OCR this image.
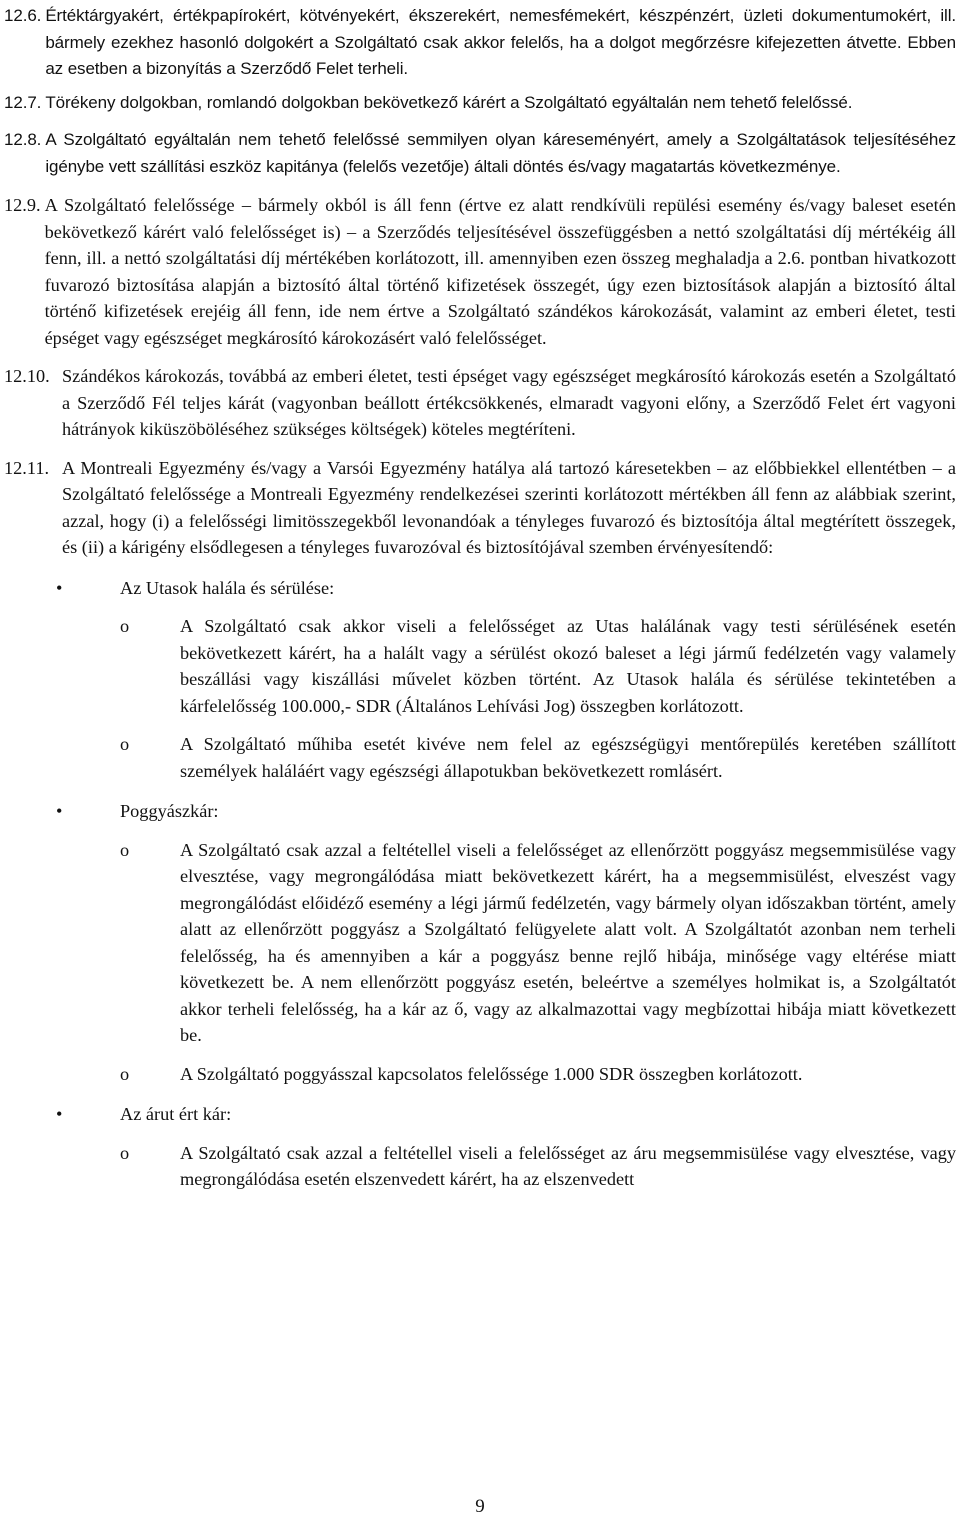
12.6. Értéktárgyakért, értékpapírokért, kötvényekért, ékszerekért, nemesfémekért, készpénzért, üzleti dokumentumokért, ill. bármely ezekhez hasonló dolgokért a Szolgáltató csak akkor felelős, ha a dolgot megőrzésre kifejezetten átvette. Ebben az esetben a bizonyítás a Szerződő Felet terheli.
12.7. Törékeny dolgokban, romlandó dolgokban bekövetkező kárért a Szolgáltató egyáltalán nem tehető felelőssé.
12.8. A Szolgáltató egyáltalán nem tehető felelőssé semmilyen olyan káreseményért, amely a Szolgáltatások teljesítéséhez igénybe vett szállítási eszköz kapitánya (felelős vezetője) általi döntés és/vagy magatartás következménye.
12.9. A Szolgáltató felelőssége – bármely okból is áll fenn (értve ez alatt rendkívüli repülési esemény és/vagy baleset esetén bekövetkező kárért való felelősséget is) – a Szerződés teljesítésével összefüggésben a nettó szolgáltatási díj mértékéig áll fenn, ill. a nettó szolgáltatási díj mértékében korlátozott, ill. amennyiben ezen összeg meghaladja a 2.6. pontban hivatkozott fuvarozó biztosítása alapján a biztosító által történő kifizetések összegét, úgy ezen biztosítások alapján a biztosító által történő kifizetések erejéig áll fenn, ide nem értve a Szolgáltató szándékos károkozását, valamint az emberi életet, testi épséget vagy egészséget megkárosító károkozásért való felelősséget.
12.10. Szándékos károkozás, továbbá az emberi életet, testi épséget vagy egészséget megkárosító károkozás esetén a Szolgáltató a Szerződő Fél teljes kárát (vagyonban beállott értékcsökkenés, elmaradt vagyoni előny, a Szerződő Felet ért vagyoni hátrányok kiküszöböléséhez szükséges költségek) köteles megtéríteni.
12.11. A Montreali Egyezmény és/vagy a Varsói Egyezmény hatálya alá tartozó káresetekben – az előbbiekkel ellentétben – a Szolgáltató felelőssége a Montreali Egyezmény rendelkezései szerinti korlátozott mértékben áll fenn az alábbiak szerint, azzal, hogy (i) a felelősségi limitösszegekből levonandóak a tényleges fuvarozó és biztosítója által megtérített összegek, és (ii) a kárigény elsődlegesen a tényleges fuvarozóval és biztosítójával szemben érvényesítendő:
•	Az Utasok halála és sérülése:
o	A Szolgáltató csak akkor viseli a felelősséget az Utas halálának vagy testi sérülésének esetén bekövetkezett kárért, ha a halált vagy a sérülést okozó baleset a légi jármű fedélzetén vagy valamely beszállási vagy kiszállási művelet közben történt. Az Utasok halála és sérülése tekintetében a kárfelelősség 100.000,- SDR (Általános Lehívási Jog) összegben korlátozott.
o	A Szolgáltató műhiba esetét kivéve nem felel az egészségügyi mentőrepülés keretében szállított személyek haláláért vagy egészségi állapotukban bekövetkezett romlásért.
•	Poggyászkár:
o	A Szolgáltató csak azzal a feltétellel viseli a felelősséget az ellenőrzött poggyász megsemmisülése vagy elvesztése, vagy megrongálódása miatt bekövetkezett kárért, ha a megsemmisülést, elveszést vagy megrongálódást előidéző esemény a légi jármű fedélzetén, vagy bármely olyan időszakban történt, amely alatt az ellenőrzött poggyász a Szolgáltató felügyelete alatt volt. A Szolgáltatót azonban nem terheli felelősség, ha és amennyiben a kár a poggyász benne rejlő hibája, minősége vagy eltérése miatt következett be. A nem ellenőrzött poggyász esetén, beleértve a személyes holmikat is, a Szolgáltatót akkor terheli felelősség, ha a kár az ő, vagy az alkalmazottai vagy megbízottai hibája miatt következett be.
o	A Szolgáltató poggyásszal kapcsolatos felelőssége 1.000 SDR összegben korlátozott.
•	Az árut ért kár:
o	A Szolgáltató csak azzal a feltétellel viseli a felelősséget az áru megsemmisülése vagy elvesztése, vagy megrongálódása esetén elszenvedett kárért, ha az elszenvedett
9
